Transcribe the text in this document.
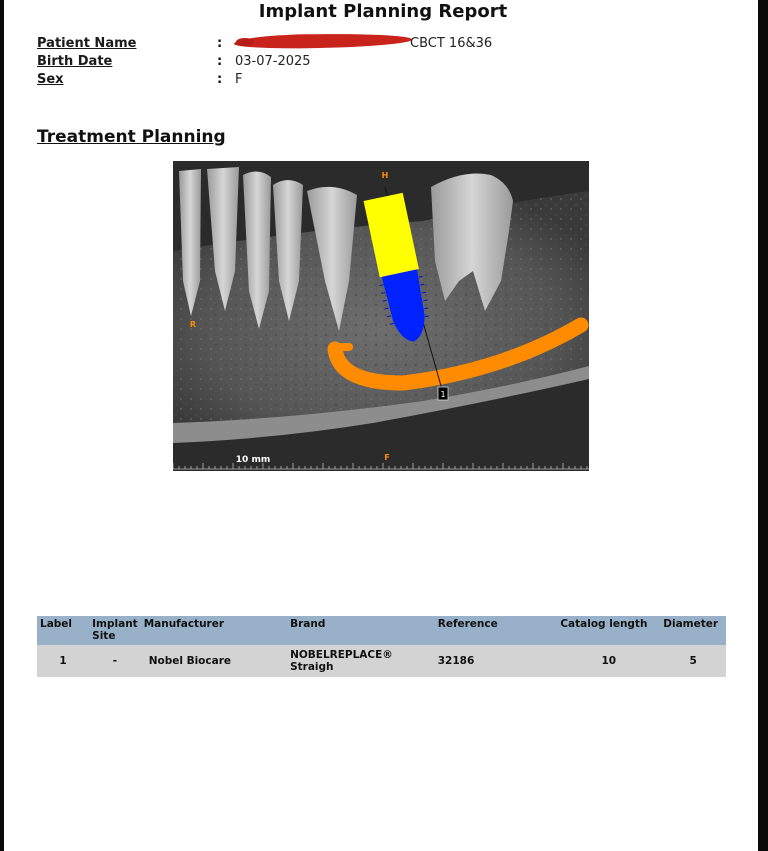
Implant Planning Report
Patient Name	:	CBCT 16&36
Birth Date	: 03-07-2025
Sex	: F
Treatment Planning
H
R
1
10 mm	F
Label	Implant Site	Manufacturer	Brand	Reference	Catalog length	Diameter
1	-	Nobel Biocare	NOBELREPLACE® Straigh	32186	10	5
